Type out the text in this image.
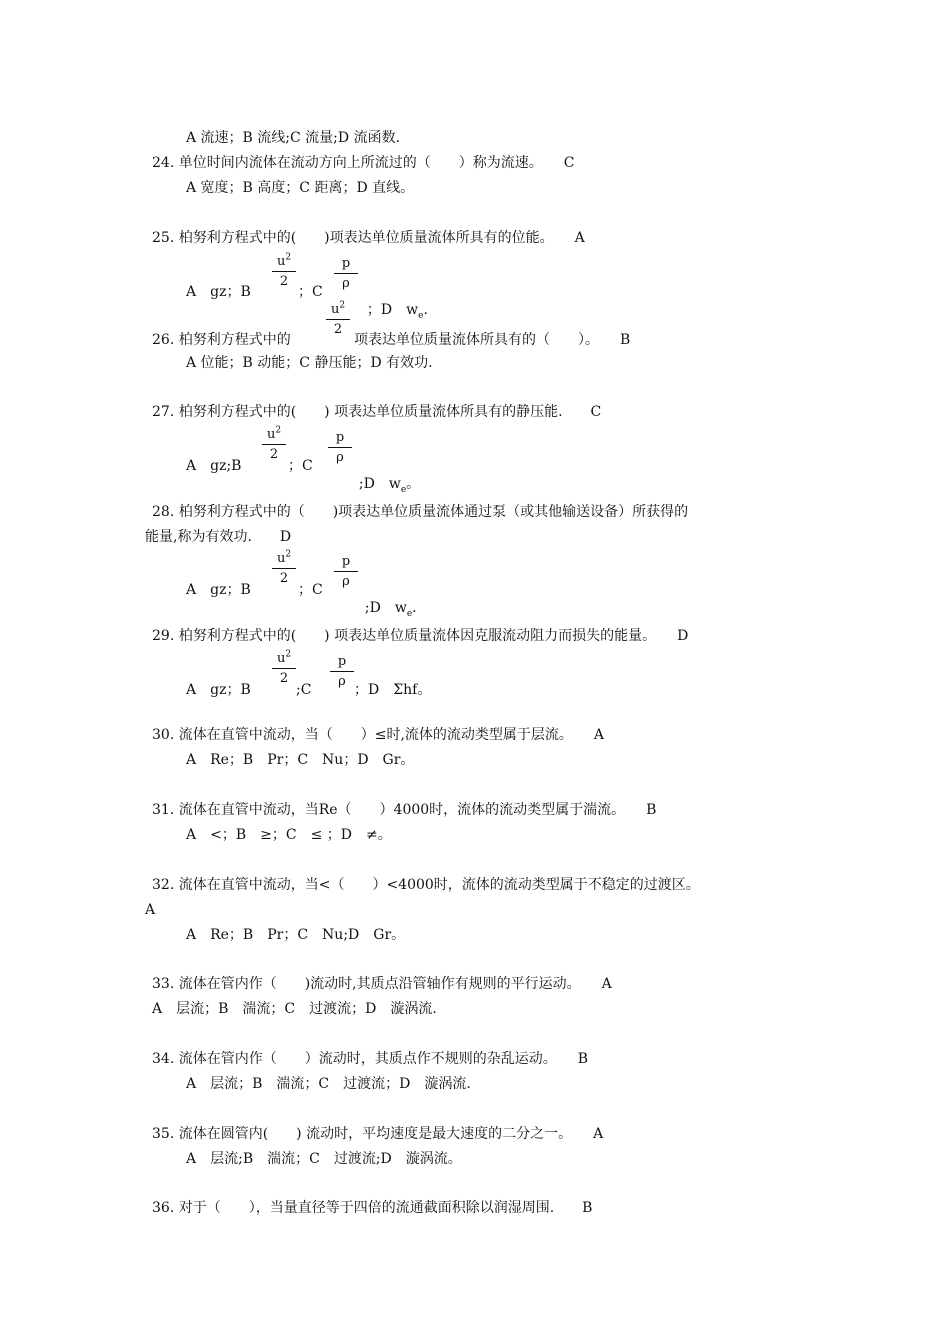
A 流速；B 流线;C 流量;D 流函数.
24. 单位时间内流体在流动方向上所流过的（　　）称为流速。　　C
A 宽度；B 高度；C 距离；D 直线。
25. 柏努利方程式中的(　　)项表达单位质量流体所具有的位能。　　A
$u^2$
2
p
ρ
A　gz；B	；C

；D　$w_e$.

$u^2$
2
26. 柏努利方程式中的	项表达单位质量流体所具有的（　　）。　　B
A 位能；B 动能；C 静压能；D 有效功.
27. 柏努利方程式中的(　　) 项表达单位质量流体所具有的静压能.　　C
$u^2$
2
p
ρ
A　gz;B	；C

;D　$w_e$。

28. 柏努利方程式中的（　　)项表达单位质量流体通过泵（或其他输送设备）所获得的
能量,称为有效功.　　D
$u^2$
2
p
ρ
A　gz；B	；C

;D　$w_e$.

29. 柏努利方程式中的(　　) 项表达单位质量流体因克服流动阻力而损失的能量。　　D
$u^2$
2
p
ρ
A　gz；B	;C	；D　Σhf。
30. 流体在直管中流动，当（　　）≤时,流体的流动类型属于层流。　　A
A　Re；B　Pr；C　Nu；D　Gr。
31. 流体在直管中流动，当Re（　　）4000时，流体的流动类型属于湍流。　　B
A　<；B　≥；C　≤ ；D　≠。
32. 流体在直管中流动，当<（　　）<4000时，流体的流动类型属于不稳定的过渡区。
A
A　Re；B　Pr；C　Nu;D　Gr。
33. 流体在管内作（　　)流动时,其质点沿管轴作有规则的平行运动。　　A
A　层流；B　湍流；C　过渡流；D　漩涡流.
34. 流体在管内作（　　）流动时，其质点作不规则的杂乱运动。　　B
A　层流；B　湍流；C　过渡流；D　漩涡流.
35. 流体在圆管内(　　) 流动时，平均速度是最大速度的二分之一。　　A
A　层流;B　湍流；C　过渡流;D　漩涡流。
36. 对于（　　），当量直径等于四倍的流通截面积除以润湿周围.　　B
